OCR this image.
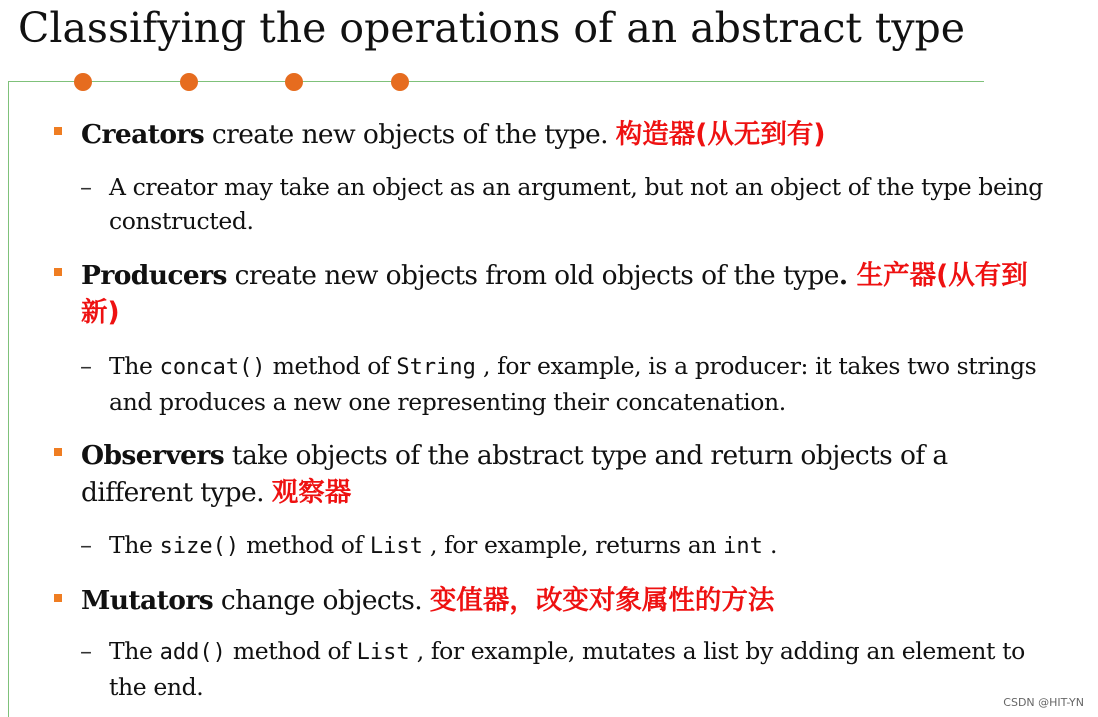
Classifying the operations of an abstract type
Creators create new objects of the type. 构造器(从无到有)
– A creator may take an object as an argument, but not an object of the type being constructed.
Producers create new objects from old objects of the type. 生产器(从有到新)
– The concat() method of String , for example, is a producer: it takes two strings and produces a new one representing their concatenation.
Observers take objects of the abstract type and return objects of a different type. 观察器
– The size() method of List , for example, returns an int .
Mutators change objects. 变值器，改变对象属性的方法
– The add() method of List , for example, mutates a list by adding an element to the end.
CSDN @HIT-YN
